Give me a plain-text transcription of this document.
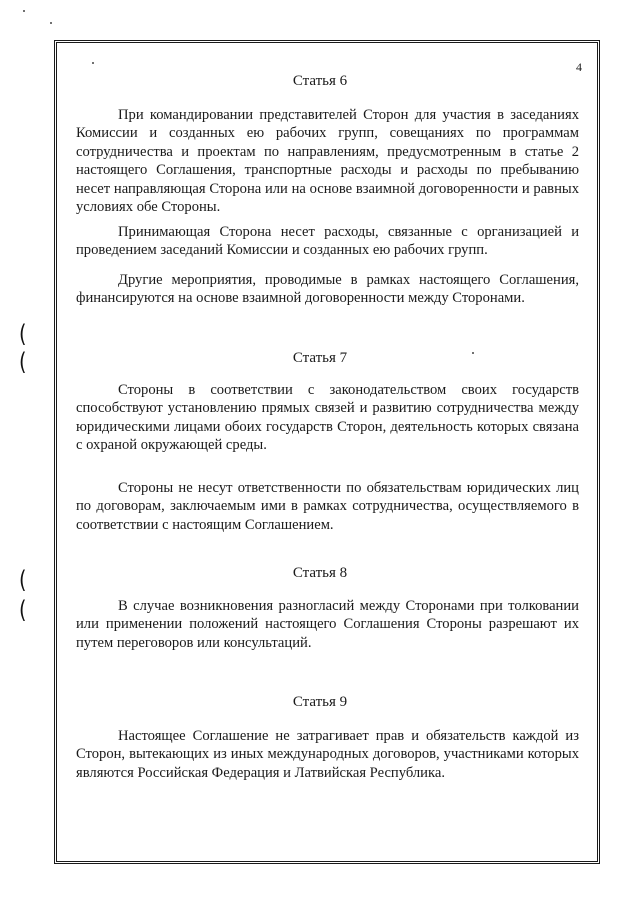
4
Статья 6

При командировании представителей Сторон для участия в заседаниях Комиссии и созданных ею рабочих групп, совещаниях по программам сотрудничества и проектам по направлениям, предусмотренным в статье 2 настоящего Соглашения, транспортные расходы и расходы по пребыванию несет направляющая Сторона или на основе взаимной договоренности и равных условиях обе Стороны.

Принимающая Сторона несет расходы, связанные с организацией и проведением заседаний Комиссии и созданных ею рабочих групп.

Другие мероприятия, проводимые в рамках настоящего Соглашения, финансируются на основе взаимной договоренности между Сторонами.

Статья 7

Стороны в соответствии с законодательством своих государств способствуют установлению прямых связей и развитию сотрудничества между юридическими лицами обоих государств Сторон, деятельность которых связана с охраной окружающей среды.

Стороны не несут ответственности по обязательствам юридических лиц по договорам, заключаемым ими в рамках сотрудничества, осуществляемого в соответствии с настоящим Соглашением.

Статья 8

В случае возникновения разногласий между Сторонами при толковании или применении положений настоящего Соглашения Стороны разрешают их путем переговоров или консультаций.

Статья 9

Настоящее Соглашение не затрагивает прав и обязательств каждой из Сторон, вытекающих из иных международных договоров, участниками которых являются Российская Федерация и Латвийская Республика.

(
(
(
(
